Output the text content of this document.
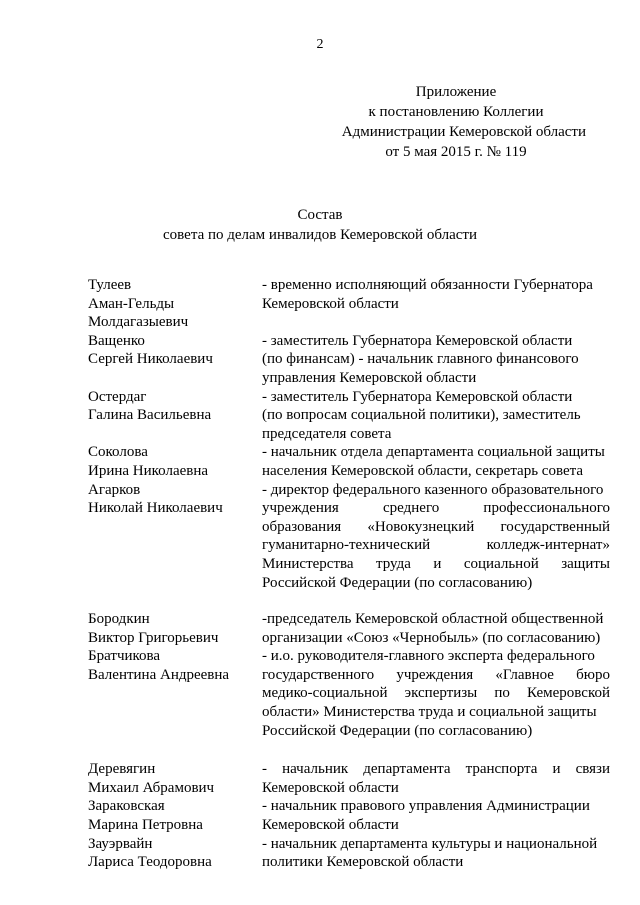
2
Приложение
к постановлению Коллегии
Администрации Кемеровской области
от 5 мая 2015 г. № 119
Состав
совета по делам инвалидов Кемеровской области
Тулеев
Аман-Гельды
Молдагазыевич
- временно исполняющий обязанности Губернатора
Кемеровской области
Ващенко
Сергей Николаевич
- заместитель Губернатора Кемеровской области
(по финансам) - начальник главного финансового
управления Кемеровской области
Остердаг
Галина Васильевна
- заместитель Губернатора Кемеровской области
(по вопросам социальной политики), заместитель
председателя совета
Соколова
Ирина Николаевна
- начальник отдела департамента социальной защиты
населения Кемеровской области, секретарь совета
Агарков
Николай Николаевич
- директор федерального казенного образовательного
учреждения среднего профессионального
образования «Новокузнецкий государственный
гуманитарно-технический колледж-интернат»
Министерства труда и социальной защиты
Российской Федерации (по согласованию)
Бородкин
Виктор Григорьевич
-председатель Кемеровской областной общественной
организации «Союз «Чернобыль» (по согласованию)
Братчикова
Валентина Андреевна
- и.о. руководителя-главного эксперта федерального
государственного учреждения «Главное бюро
медико-социальной экспертизы по Кемеровской
области» Министерства труда и социальной защиты
Российской Федерации (по согласованию)
Деревягин
Михаил Абрамович
- начальник департамента транспорта и связи
Кемеровской области
Зараковская
Марина Петровна
- начальник правового управления Администрации
Кемеровской области
Зауэрвайн
Лариса Теодоровна
- начальник департамента культуры и национальной
политики Кемеровской области
